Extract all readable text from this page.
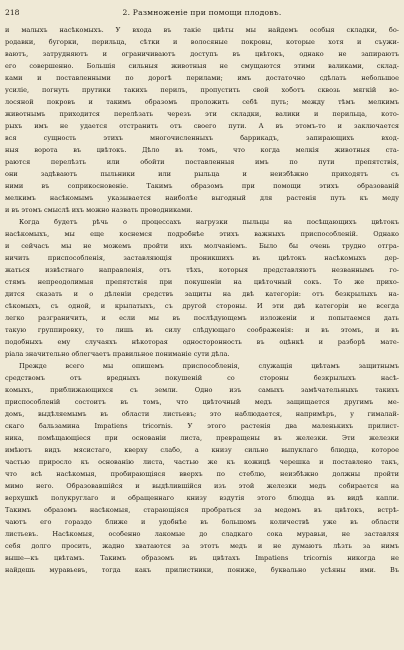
218	2. Размноженіе при помощи плодовъ.

и малыхъ насѣкомыхъ. У входа въ такіе цвѣты мы найдемъ особыя складки, бо-

родавки, бугорки, перильца, сѣтки и волосяные покровы, которые хотя и съужи-

ваютъ, затрудняютъ и ограничиваютъ доступъ въ цвѣтокъ, однако не запираютъ

его совершенно. Большія сильныя животныя не смущаются этими валиками, склад-

ками и поставленными по дорогѣ перилами; имъ достаточно сдѣлать небольшое

усиліе, погнуть прутики такихъ перилъ, пропустить свой хоботъ сквозь мягкій во-

лосяной покровъ и такимъ образомъ проложить себѣ путь; между тѣмъ мелкимъ

животнымъ приходится перелѣзать черезъ эти складки, валики и перильца, кото-

рыхъ имъ не удается отстранить отъ своего пути. А въ этомъ-то и заключается

вся сущность этихъ многочисленныхъ баррикадъ, запирающихъ вход-

ныя ворота въ цвѣтокъ. Дѣло въ томъ, что когда мелкія животныя ста-

раются перелѣзть или обойти поставленныя имъ по пути препятствія,

они задѣваютъ пыльники или рыльца и неизбѣжно приходятъ съ

ними въ соприкосновеніе. Такимъ образомъ при помощи этихъ образованій

мелкимъ насѣкомымъ указывается наиболѣе выгодный для растенія путь къ меду

и въ этомъ смыслѣ ихъ можно назвать проводниками.

Когда будетъ рѣчь о процессахъ нагрузки пыльцы на посѣщающихъ цвѣтокъ

насѣкомыхъ, мы еще коснемся подробнѣе этихъ важныхъ приспособленій. Однако

и сейчасъ мы не можемъ пройти ихъ молчаніемъ. Было бы очень трудно отгра-

ничить приспособленія, заставляющія проникшихъ въ цвѣтокъ насѣкомыхъ дер-

жаться извѣстнаго направленія, отъ тѣхъ, которыя представляютъ незваннымъ го-

стямъ непреодолимыя препятствія при покушеніи на цвѣточный сокъ. То же прихо-

дится сказать и о дѣленіи средствъ защиты на двѣ категоріи: отъ безкрылыхъ на-

сѣкомыхъ, съ одной, и крылатыхъ, съ другой стороны. И эти двѣ категоріи не всегда

легко разграничить, и если мы въ послѣдующемъ изложеніи и попытаемся дать

такую группировку, то лишь въ силу слѣдующаго соображенія: и въ этомъ, и въ

подобныхъ ему случаяхъ нѣкоторая односторонность въ оцѣнкѣ и разборѣ мате-

ріала значительно облегчаетъ правильное пониманіе сути дѣла.

Прежде всего мы опишемъ приспособленія, служащія цвѣтамъ защитнымъ

средствомъ отъ вредныхъ покушеній со стороны безкрылыхъ насѣ-

комыхъ, приближающихся съ земли. Одно изъ самыхъ замѣчательныхъ такихъ

приспособленій состоитъ въ томъ, что цвѣточный медъ защищается другимъ ме-

домъ, выдѣляемымъ въ области листьевъ; это наблюдается, напримѣръ, у гималай-

скаго бальзамина Impatiens tricornis. У этого растенія два маленькихъ прилист-

ника, помѣщающіеся при основаніи листа, превращены въ железки. Эти железки

имѣютъ видъ мясистаго, кверху слабо, а книзу сильно выпуклаго блюдца, которое

частью приросло къ основанію листа, частью же къ кожицѣ черешка и поставлено такъ,

что всѣ насѣкомыя, пробирающіяся вверхъ по стеблю, неизбѣжно должны пройти

мимо него. Образовавшійся и выдѣлившійся изъ этой железки медъ собирается на

верхушкѣ полукруглаго и обращеннаго книзу вздутія этого блюдца въ видѣ капли.

Такимъ образомъ насѣкомыя, старающіяся пробраться за медомъ въ цвѣтокъ, встрѣ-

чаютъ его гораздо ближе и удобнѣе въ большомъ количествѣ уже въ области

листьевъ. Насѣкомыя, особенно лакомые до сладкаго сока муравьи, не заставляя

себя долго просить, жадно хватаются за этотъ медъ и не думаютъ лѣзть за нимъ

выше—къ цвѣтамъ. Такимъ образомъ въ цвѣтахъ Impatiens tricornis никогда не

найдешь муравьевъ, тогда какъ прилистники, пониже, буквально усѣяны ими. Въ
